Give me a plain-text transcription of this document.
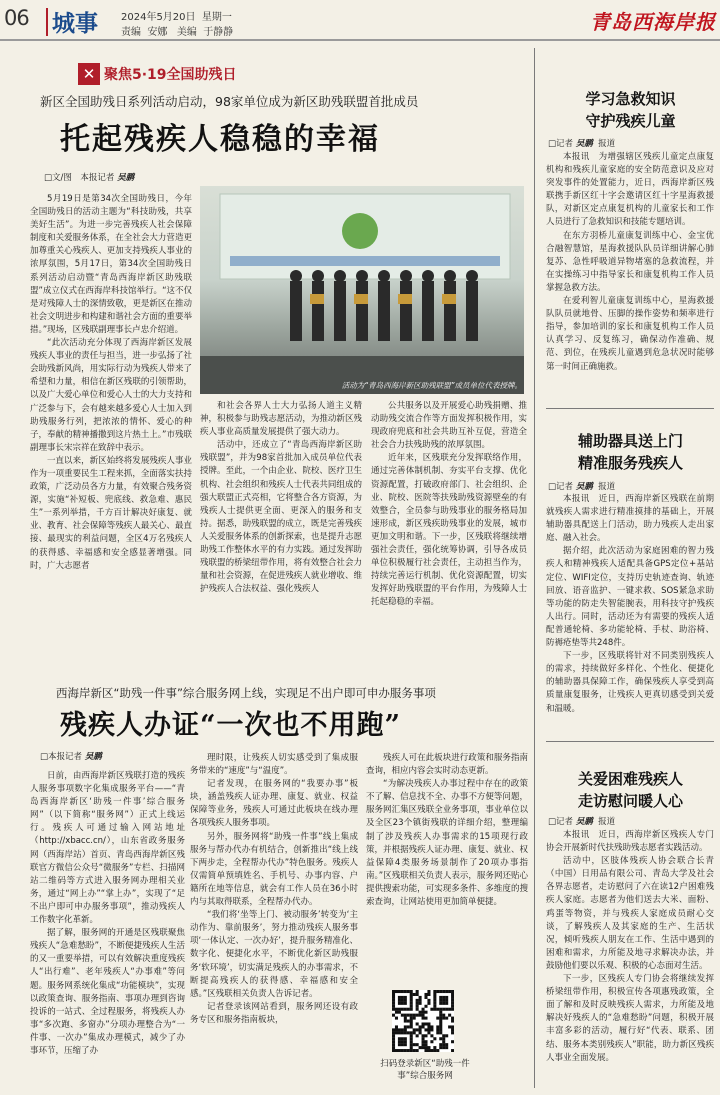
06	城事	2024年5月20日 星期一
责编 安娜 美编 于静静	青岛西海岸报
✕ 聚焦5·19全国助残日
新区全国助残日系列活动启动，98家单位成为新区助残联盟首批成员
托起残疾人稳稳的幸福
□文/图　本报记者 吴鹏

5月19日是第34次全国助残日，今年全国助残日的活动主题为“科技助残，共享美好生活”。为进一步完善残疾人社会保障制度和关爱服务体系，在全社会大力营造更加尊重关心残疾人、更加支持残疾人事业的浓厚氛围，5月17日，第34次全国助残日系列活动启动暨“青岛西海岸新区助残联盟”成立仪式在西海岸科技馆举行。“这不仅是对残障人士的深情致敬，更是新区在推动社会文明进步和构建和谐社会方面的重要举措。”现场，区残联副理事长卢忠介绍道。

“此次活动充分体现了西海岸新区发展残疾人事业的责任与担当，进一步弘扬了社会助残新风尚，用实际行动为残疾人带来了希望和力量，相信在新区残联的引领帮助，以及广大爱心单位和爱心人士的大力支持和广泛参与下，会有越来越多爱心人士加入到助残服务行列，把浓浓的情怀、爱心的种子，奉献的精神播撒到这片热土上。”市残联副理事长宋宗祥在致辞中表示。

一直以来，新区始终将发展残疾人事业作为一项重要民生工程来抓，全面落实扶持政策，广泛动员各方力量，有效聚合残务资源，实施“补短板、兜底线、救急难、惠民生”一系列举措，千方百计解决好康复、就业、教育、社会保障等残疾人最关心、最直接、最现实的利益问题，全区4万名残疾人的获得感、幸福感和安全感显著增强。同时，广大志愿者

活动为“青岛西海岸新区助残联盟”成员单位代表授牌。

和社会各界人士大力弘扬人道主义精神，积极参与助残志愿活动，为推动新区残疾人事业高质量发展提供了强大动力。

活动中，还成立了“青岛西海岸新区助残联盟”，并为98家首批加入成员单位代表授牌。至此，一个由企业、院校、医疗卫生机构、社会组织和残疾人士代表共同组成的强大联盟正式亮相，它将整合各方资源，为残疾人士提供更全面、更深入的服务和支持。据悉，助残联盟的成立，既是完善残疾人关爱服务体系的创新探索，也是提升志愿助残工作整体水平的有力实践。通过发挥助残联盟的桥梁纽带作用，将有效整合社会力量和社会资源，在促进残疾人就业增收、维护残疾人合法权益、强化残疾人

公共服务以及开展爱心助残捐赠、推动助残交流合作等方面发挥积极作用，实现政府兜底和社会共助互补互促，营造全社会合力扶残助残的浓厚氛围。

近年来，区残联充分发挥联络作用，通过完善体制机制、夯实平台支撑、优化资源配置，打破政府部门、社会组织、企业、院校、医院等扶残助残资源壁垒的有效整合，全员参与助残事业的服务格局加速形成，新区残疾助残事业的发展，城市更加文明和谐。下一步，区残联将继续增强社会责任，强化统筹协调，引导各成员单位积极履行社会责任，主动担当作为，持续完善运行机制、优化资源配置，切实发挥好助残联盟的平台作用，为残障人士托起稳稳的幸福。

西海岸新区“助残一件事”综合服务网上线，实现足不出户即可申办服务事项
残疾人办证“一次也不用跑”
□本报记者 吴鹏

日前，由西海岸新区残联打造的残疾人服务事项数字化集成服务平台——“青岛西海岸新区‘助残一件事’综合服务网”（以下简称“服务网”）正式上线运行。残疾人可通过输入网站地址（http://xbacc.cn/），山东省政务服务网（西海岸站）首页、青岛西海岸新区残联官方微信公众号“微服务”专栏、扫描网站二维码等方式进入服务网办理相关业务，通过“网上办”“掌上办”，实现了“足不出户即可申办服务事项”，推动残疾人工作数字化革新。

据了解，服务网的开通是区残联聚焦残疾人“急难愁盼”，不断便捷残疾人生活的又一重要举措，可以有效解决重度残疾人“出行难”、老年残疾人“办事难”等问题。服务网系统化集成“功能模块”，实现以政策查询、服务指南、事项办理到咨询投诉的一站式、全过程服务，将残疾人办事“多次跑、多窗办”分项办理整合为“一件事、一次办”集成办理模式，减少了办事环节，压缩了办

理时限，让残疾人切实感受到了集成服务带来的“速度”与“温度”。

记者发现，在服务网的“我要办事”板块，涵盖残疾人证办理、康复、就业、权益保障等业务，残疾人可通过此板块在线办理各项残疾人服务事项。

另外，服务网将“助残一件事”线上集成服务与帮办代办有机结合，创新推出“线上线下两步走，全程帮办代办”特色服务。残疾人仅需简单预填姓名、手机号、办事内容、户籍所在地等信息，就会有工作人员在36小时内与其取得联系，全程帮办代办。

“我们将‘坐等上门、被动服务’转变为‘主动作为、靠前服务’，努力推动残疾人服务事项‘一体认定、一次办好’，提升服务精准化、数字化、便捷化水平，不断优化新区助残服务‘软环境’，切实满足残疾人的办事需求，不断提高残疾人的获得感、幸福感和安全感。”区残联相关负责人告诉记者。

记者登录该网站看到，服务网还设有政务专区和服务指南板块，

残疾人可在此板块进行政策和服务指南查询，相应内容会实时动态更新。

“为解决残疾人办事过程中存在的政策不了解、信息找不全、办事不方便等问题，服务网汇集区残联全业务事项，事业单位以及全区23个镇街残联的详细介绍，整理编制了涉及残疾人办事需求的15项现行政策，并根据残疾人证办理、康复、就业、权益保障4类服务场景制作了20项办事指南。”区残联相关负责人表示，服务网还贴心提供搜索功能，可实现多条件、多维度的搜索查询，让网站使用更加简单便捷。

扫码登录新区“助残一件事”综合服务网
学习急救知识
守护残疾儿童
□记者 吴鹏 报道

本报讯　为增强辖区残疾儿童定点康复机构和残疾儿童家庭的安全防范意识及应对突发事件的处置能力，近日，西海岸新区残联携手新区红十字会邀请区红十字星海救援队，对新区定点康复机构的儿童家长和工作人员进行了急救知识和技能专题培训。

在东方羽桥儿童康复训练中心、金宝优合融智慧馆，星海救援队队员详细讲解心肺复苏、急性呼吸道异物堵塞的急救流程，并在实操练习中指导家长和康复机构工作人员掌握急救方法。

在爱利智儿童康复训练中心，星海救援队队员就地骨、压脚的操作姿势和频率进行指导，参加培训的家长和康复机构工作人员认真学习、反复练习，确保动作准确、规范、到位，在残疾儿童遇到危急状况时能够第一时间正确施救。

辅助器具送上门
精准服务残疾人
□记者 吴鹏 报道

本报讯　近日，西海岸新区残联在前期就残疾人需求进行精准摸排的基础上，开展辅助器具配送上门活动，助力残疾人走出家庭、融入社会。

据介绍，此次活动为家庭困难的智力残疾人和精神残疾人适配具备GPS定位+基站定位、WIFI定位，支持历史轨迹查询、轨迹回放、语音监护、一键求救、SOS紧急求助等功能的防走失智能腕表，用科技守护残疾人出行。同时，活动还为有需要的残疾人适配普通轮椅、多功能轮椅、手杖、助浴椅、防褥疮垫等共248件。

下一步，区残联将针对不同类别残疾人的需求，持续做好多样化、个性化、便捷化的辅助器具保障工作，确保残疾人享受到高质量康复服务，让残疾人更真切感受到关爱和温暖。

关爱困难残疾人
走访慰问暖人心
□记者 吴鹏 报道

本报讯　近日，西海岸新区残疾人专门协会开展新时代扶残助残志愿者实践活动。

活动中，区肢体残疾人协会联合长青（中国）日用品有限公司、青岛大学及社会各界志愿者，走访慰问了六在读12户困难残疾人家庭。志愿者为他们送去大米、面粉、鸡蛋等物资，并与残疾人家庭成员耐心交谈，了解残疾人及其家庭的生产、生活状况，倾听残疾人朋友在工作、生活中遇到的困难和需求，力所能及地寻求解决办法，并鼓励他们要以乐观、积极的心态面对生活。

下一步，区残疾人专门协会将继续发挥桥梁纽带作用，积极宣传各项惠残政策，全面了解和及时反映残疾人需求，力所能及地解决好残疾人的“急难愁盼”问题，积极开展丰富多彩的活动，履行好“代表、联系、团结、服务本类别残疾人”职能，助力新区残疾人事业全面发展。
